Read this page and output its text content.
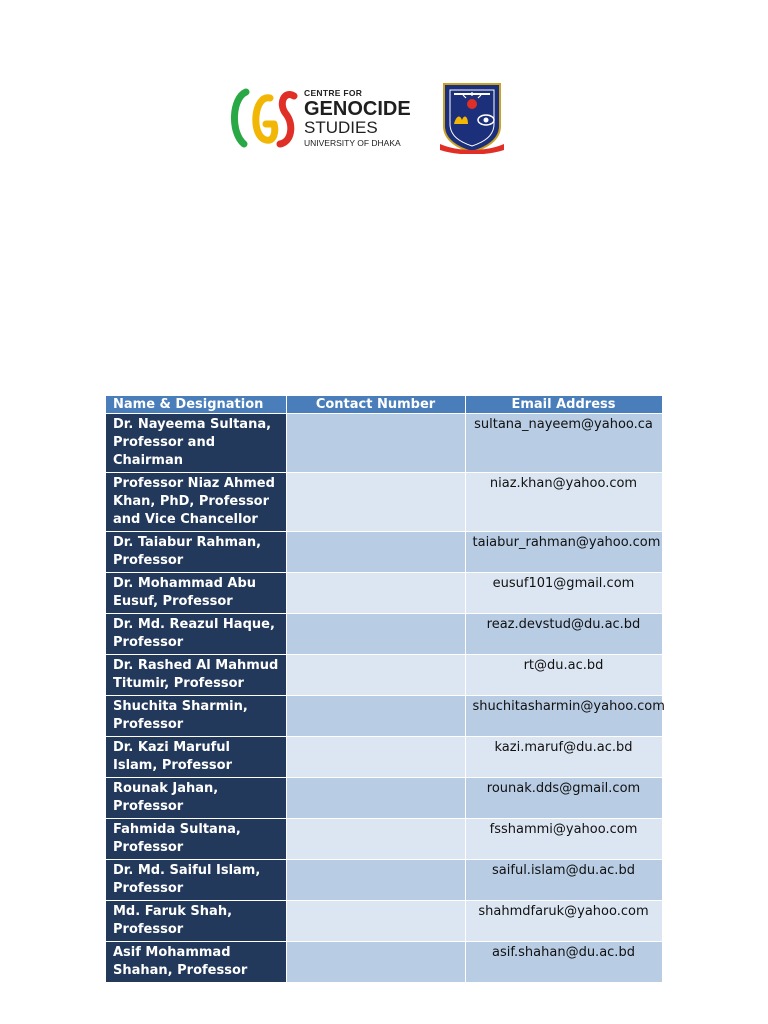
CENTRE FOR
GENOCIDE
STUDIES
UNIVERSITY OF DHAKA
Name & Designation	Contact Number	Email Address
Dr. Nayeema Sultana, Professor and Chairman		sultana_nayeem@yahoo.ca
Professor Niaz Ahmed Khan, PhD, Professor and Vice Chancellor		niaz.khan@yahoo.com
Dr. Taiabur Rahman, Professor		taiabur_rahman@yahoo.com
Dr. Mohammad Abu Eusuf, Professor		eusuf101@gmail.com
Dr. Md. Reazul Haque, Professor		reaz.devstud@du.ac.bd
Dr. Rashed Al Mahmud Titumir, Professor		rt@du.ac.bd
Shuchita Sharmin, Professor		shuchitasharmin@yahoo.com
Dr. Kazi Maruful Islam, Professor		kazi.maruf@du.ac.bd
Rounak Jahan, Professor		rounak.dds@gmail.com
Fahmida Sultana, Professor		fsshammi@yahoo.com
Dr. Md. Saiful Islam, Professor		saiful.islam@du.ac.bd
Md. Faruk Shah, Professor		shahmdfaruk@yahoo.com
Asif Mohammad Shahan, Professor		asif.shahan@du.ac.bd
